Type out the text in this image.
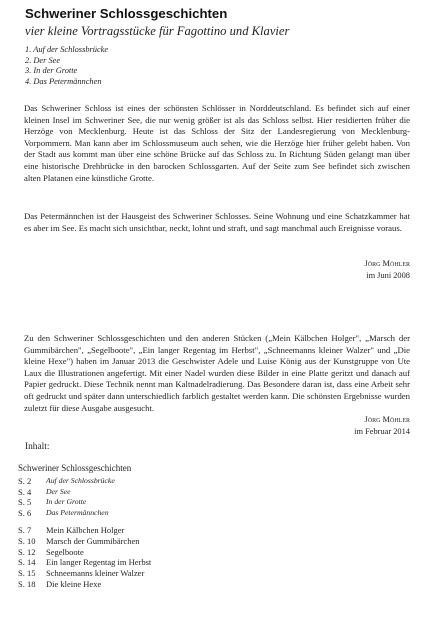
Schweriner Schlossgeschichten
vier kleine Vortragsstücke für Fagottino und Klavier
1. Auf der Schlossbrücke
2. Der See
3. In der Grotte
4. Das Petermännchen

Das Schweriner Schloss ist eines der schönsten Schlösser in Norddeutschland. Es befindet sich auf einer kleinen Insel im Schweriner See, die nur wenig größer ist als das Schloss selbst. Hier residierten früher die Herzöge von Mecklenburg. Heute ist das Schloss der Sitz der Landesregierung von Mecklenburg-Vorpommern. Man kann aber im Schlossmuseum auch sehen, wie die Herzöge hier früher gelebt haben. Von der Stadt aus kommt man über eine schöne Brücke auf das Schloss zu. In Richtung Süden gelangt man über eine historische Drehbrücke in den barocken Schlossgarten. Auf der Seite zum See befindet sich zwischen alten Platanen eine künstliche Grotte.

Das Petermännchen ist der Hausgeist des Schweriner Schlosses. Seine Wohnung und eine Schatzkammer hat es aber im See. Es macht sich unsichtbar, neckt, lohnt und straft, und sagt manchmal auch Ereignisse voraus.

Jörg Möhler
im Juni 2008

Zu den Schweriner Schlossgeschichten und den anderen Stücken („Mein Kälbchen Holger", „Marsch der Gummibärchen", „Segelboote", „Ein langer Regentag im Herbst", „Schneemanns kleiner Walzer" und „Die kleine Hexe") haben im Januar 2013 die Geschwister Adele und Luise König aus der Kunstgruppe von Ute Laux die Illustrationen angefertigt. Mit einer Nadel wurden diese Bilder in eine Platte geritzt und danach auf Papier gedruckt. Diese Technik nennt man Kaltnadelradierung. Das Besondere daran ist, dass eine Arbeit sehr oft gedruckt und später dann unterschiedlich farblich gestaltet werden kann. Die schönsten Ergebnisse wurden zuletzt für diese Ausgabe ausgesucht.

Jörg Möhler
im Februar 2014
Inhalt:
Schweriner Schlossgeschichten
S. 2	Auf der Schlossbrücke
S. 4	Der See
S. 5	In der Grotte
S. 6	Das Petermännchen
S. 7	Mein Kälbchen Holger
S. 10	Marsch der Gummibärchen
S. 12	Segelboote
S. 14	Ein langer Regentag im Herbst
S. 15	Schneemanns kleiner Walzer
S. 18	Die kleine Hexe
